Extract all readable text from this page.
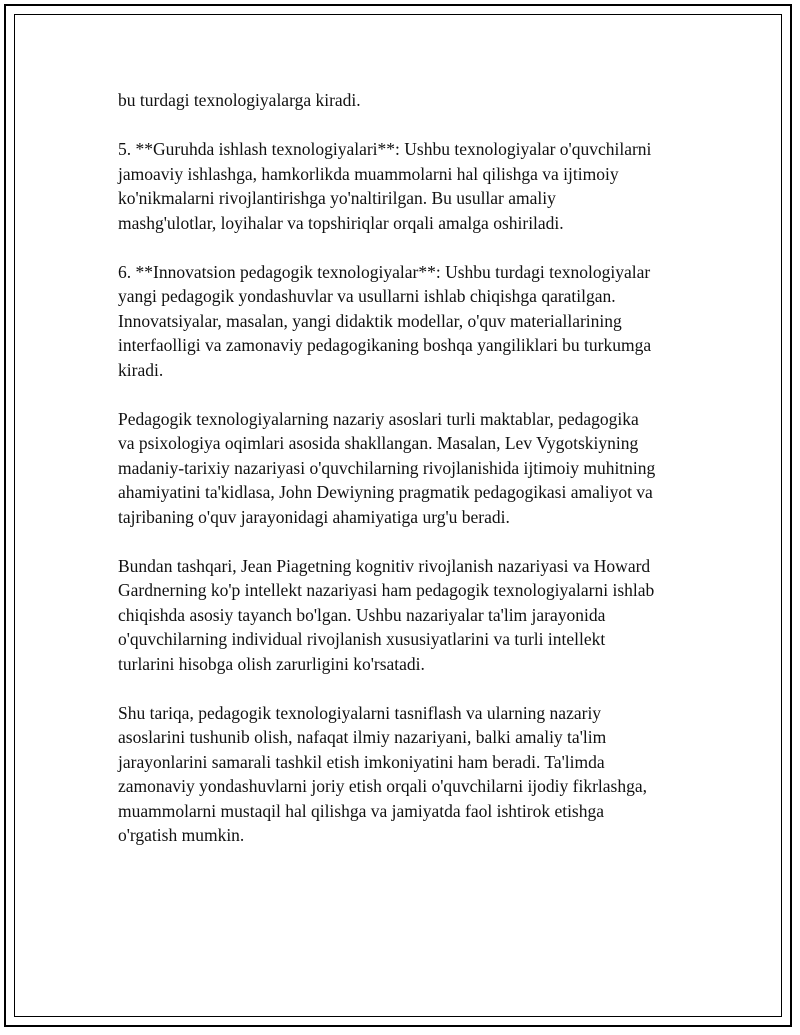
bu turdagi texnologiyalarga kiradi.

5. **Guruhda ishlash texnologiyalari**: Ushbu texnologiyalar o'quvchilarni
jamoaviy ishlashga, hamkorlikda muammolarni hal qilishga va ijtimoiy
ko'nikmalarni rivojlantirishga yo'naltirilgan. Bu usullar amaliy
mashg'ulotlar, loyihalar va topshiriqlar orqali amalga oshiriladi.

6. **Innovatsion pedagogik texnologiyalar**: Ushbu turdagi texnologiyalar
yangi pedagogik yondashuvlar va usullarni ishlab chiqishga qaratilgan.
Innovatsiyalar, masalan, yangi didaktik modellar, o'quv materiallarining
interfaolligi va zamonaviy pedagogikaning boshqa yangiliklari bu turkumga
kiradi.

Pedagogik texnologiyalarning nazariy asoslari turli maktablar, pedagogika
va psixologiya oqimlari asosida shakllangan. Masalan, Lev Vygotskiyning
madaniy-tarixiy nazariyasi o'quvchilarning rivojlanishida ijtimoiy muhitning
ahamiyatini ta'kidlasa, John Dewiyning pragmatik pedagogikasi amaliyot va
tajribaning o'quv jarayonidagi ahamiyatiga urg'u beradi.

Bundan tashqari, Jean Piagetning kognitiv rivojlanish nazariyasi va Howard
Gardnerning ko'p intellekt nazariyasi ham pedagogik texnologiyalarni ishlab
chiqishda asosiy tayanch bo'lgan. Ushbu nazariyalar ta'lim jarayonida
o'quvchilarning individual rivojlanish xususiyatlarini va turli intellekt
turlarini hisobga olish zarurligini ko'rsatadi.

Shu tariqa, pedagogik texnologiyalarni tasniflash va ularning nazariy
asoslarini tushunib olish, nafaqat ilmiy nazariyani, balki amaliy ta'lim
jarayonlarini samarali tashkil etish imkoniyatini ham beradi. Ta'limda
zamonaviy yondashuvlarni joriy etish orqali o'quvchilarni ijodiy fikrlashga,
muammolarni mustaqil hal qilishga va jamiyatda faol ishtirok etishga
o'rgatish mumkin.
